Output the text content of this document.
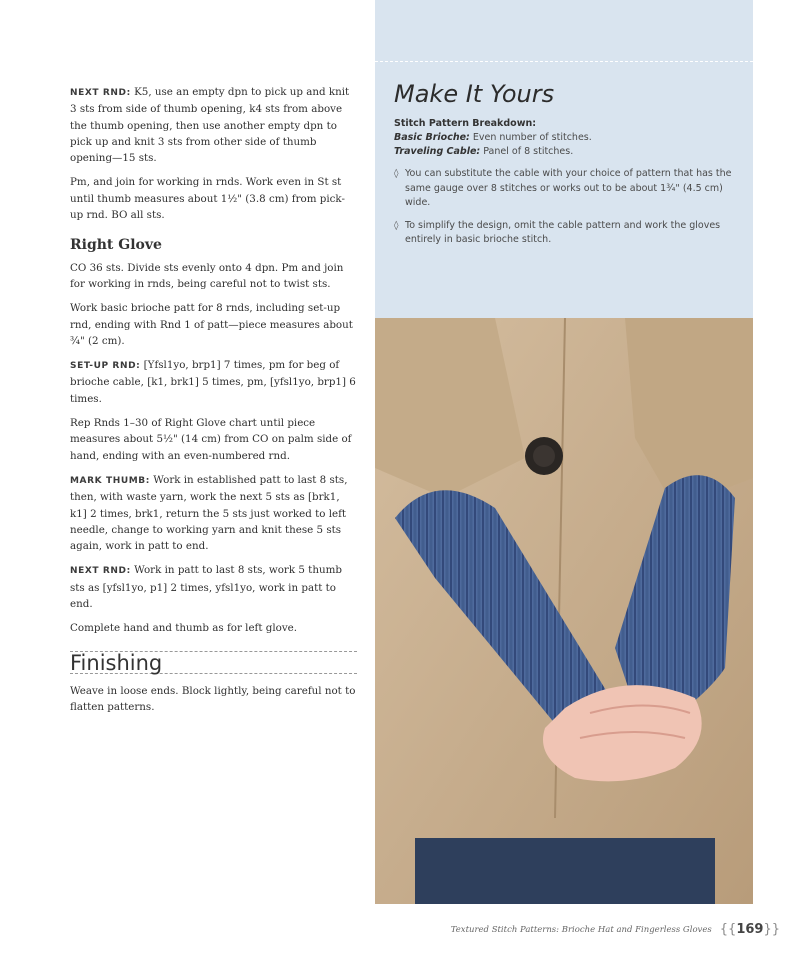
NEXT RND: K5, use an empty dpn to pick up and knit 3 sts from side of thumb opening, k4 sts from above the thumb opening, then use another empty dpn to pick up and knit 3 sts from other side of thumb opening—15 sts.

Pm, and join for working in rnds. Work even in St st until thumb measures about 1½" (3.8 cm) from pick-up rnd. BO all sts.

Right Glove

CO 36 sts. Divide sts evenly onto 4 dpn. Pm and join for working in rnds, being careful not to twist sts.

Work basic brioche patt for 8 rnds, including set-up rnd, ending with Rnd 1 of patt—piece measures about ¾" (2 cm).

SET-UP RND: [Yfsl1yo, brp1] 7 times, pm for beg of brioche cable, [k1, brk1] 5 times, pm, [yfsl1yo, brp1] 6 times.

Rep Rnds 1–30 of Right Glove chart until piece measures about 5½" (14 cm) from CO on palm side of hand, ending with an even-numbered rnd.

MARK THUMB: Work in established patt to last 8 sts, then, with waste yarn, work the next 5 sts as [brk1, k1] 2 times, brk1, return the 5 sts just worked to left needle, change to working yarn and knit these 5 sts again, work in patt to end.

NEXT RND: Work in patt to last 8 sts, work 5 thumb sts as [yfsl1yo, p1] 2 times, yfsl1yo, work in patt to end.

Complete hand and thumb as for left glove.

Finishing

Weave in loose ends. Block lightly, being careful not to flatten patterns.

Make It Yours
Stitch Pattern Breakdown:
Basic Brioche: Even number of stitches.
Traveling Cable: Panel of 8 stitches.
◊ You can substitute the cable with your choice of pattern that has the same gauge over 8 stitches or works out to be about 1¾" (4.5 cm) wide.
◊ To simplify the design, omit the cable pattern and work the gloves entirely in basic brioche stitch.
Textured Stitch Patterns: Brioche Hat and Fingerless Gloves {{169}}
